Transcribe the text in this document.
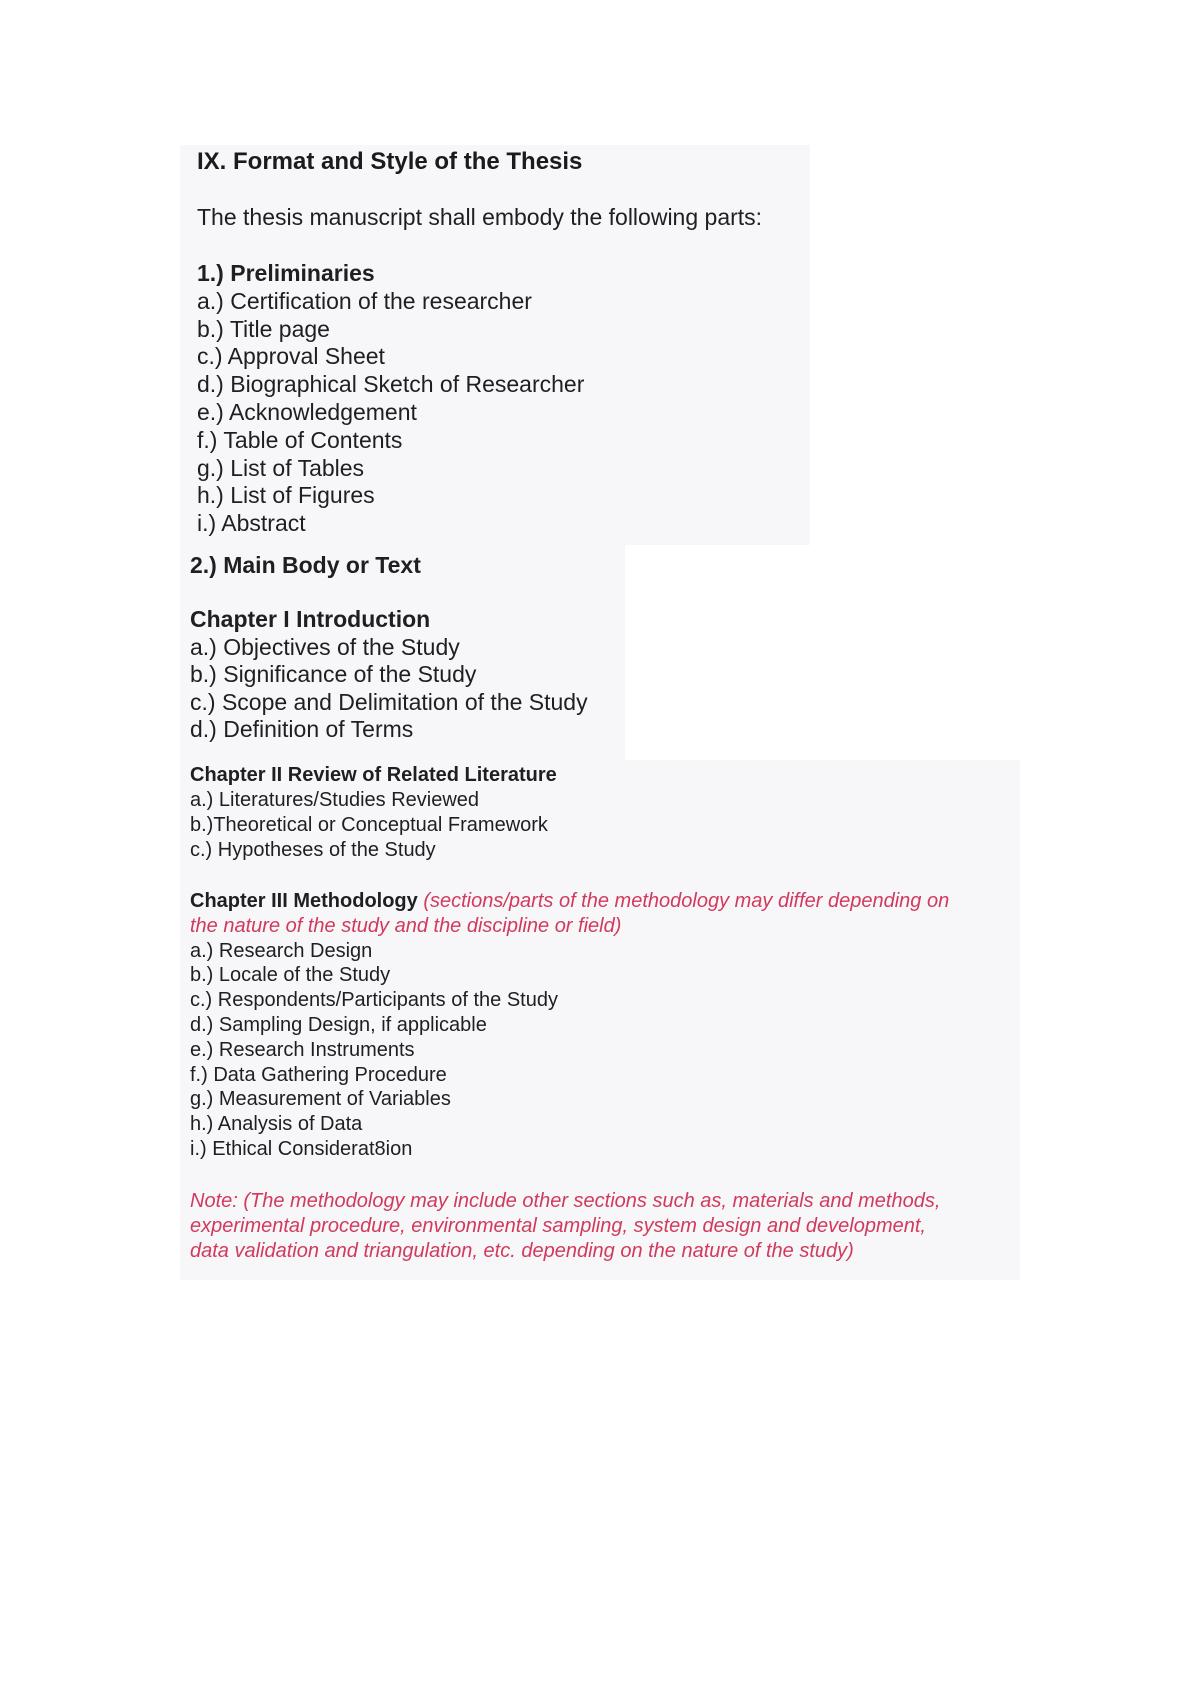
IX. Format and Style of the Thesis

The thesis manuscript shall embody the following parts:

1.) Preliminaries
a.) Certification of the researcher
b.) Title page
c.) Approval Sheet
d.) Biographical Sketch of Researcher
e.) Acknowledgement
f.) Table of Contents
g.) List of Tables
h.) List of Figures
i.) Abstract
2.) Main Body or Text
Chapter I Introduction
a.) Objectives of the Study
b.) Significance of the Study
c.) Scope and Delimitation of the Study
d.) Definition of Terms
Chapter II Review of Related Literature
a.) Literatures/Studies Reviewed
b.)Theoretical or Conceptual Framework
c.) Hypotheses of the Study
Chapter III Methodology (sections/parts of the methodology may differ depending on
the nature of the study and the discipline or field)
a.) Research Design
b.) Locale of the Study
c.) Respondents/Participants of the Study
d.) Sampling Design, if applicable
e.) Research Instruments
f.) Data Gathering Procedure
g.) Measurement of Variables
h.) Analysis of Data
i.) Ethical Considerat8ion
Note: (The methodology may include other sections such as, materials and methods,
experimental procedure, environmental sampling, system design and development,
data validation and triangulation, etc. depending on the nature of the study)
